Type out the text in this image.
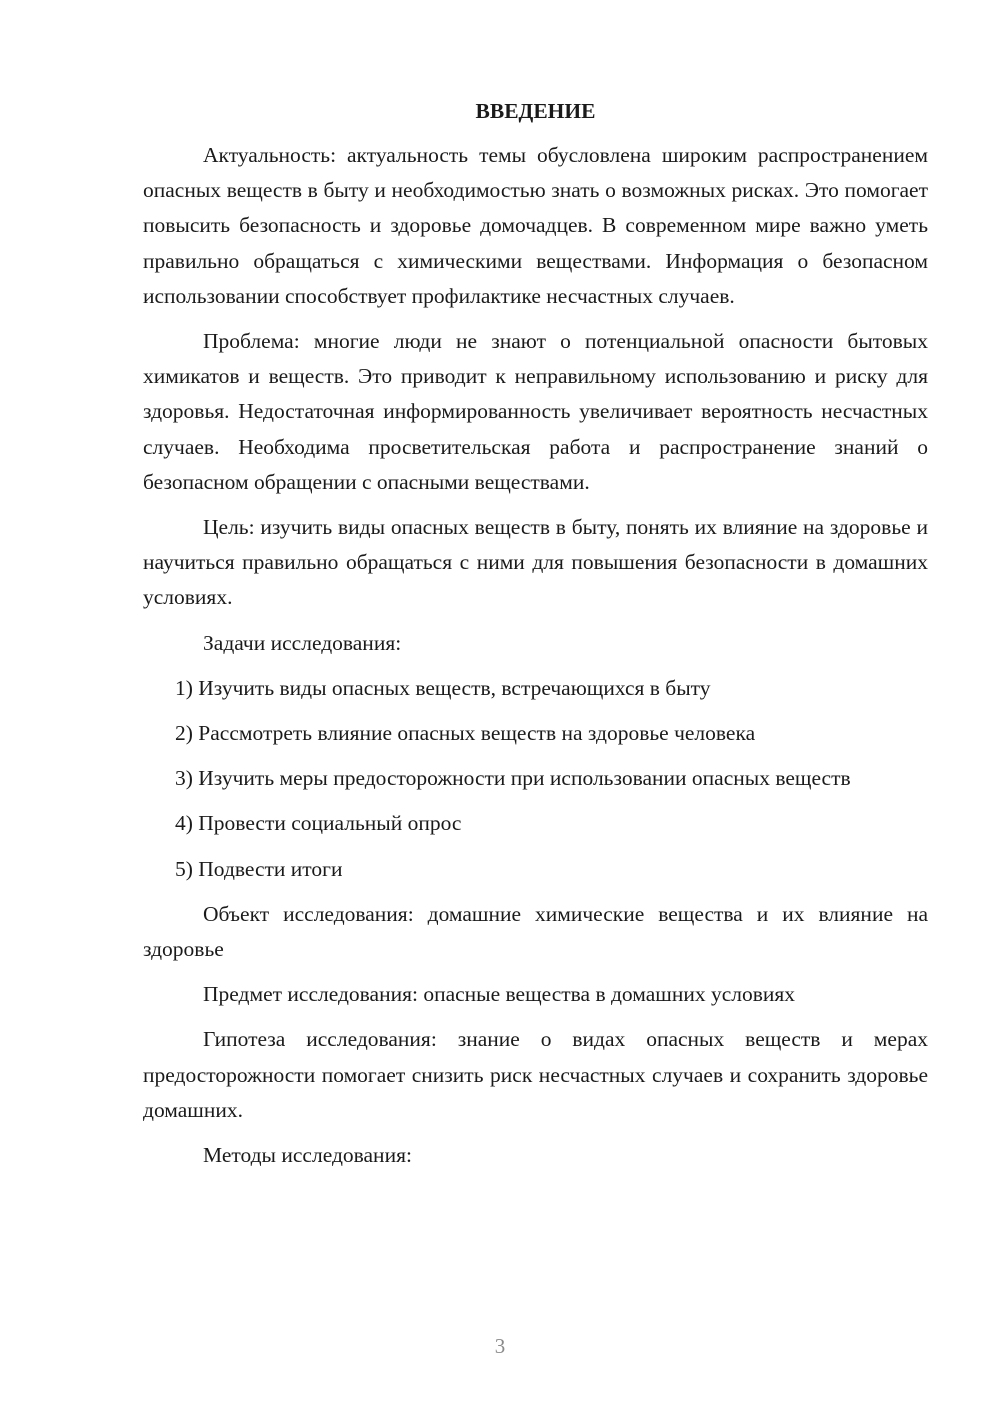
ВВЕДЕНИЕ

Актуальность: актуальность темы обусловлена широким распространением опасных веществ в быту и необходимостью знать о возможных рисках. Это помогает повысить безопасность и здоровье домочадцев. В современном мире важно уметь правильно обращаться с химическими веществами. Информация о безопасном использовании способствует профилактике несчастных случаев.

Проблема: многие люди не знают о потенциальной опасности бытовых химикатов и веществ. Это приводит к неправильному использованию и риску для здоровья. Недостаточная информированность увеличивает вероятность несчастных случаев. Необходима просветительская работа и распространение знаний о безопасном обращении с опасными веществами.

Цель: изучить виды опасных веществ в быту, понять их влияние на здоровье и научиться правильно обращаться с ними для повышения безопасности в домашних условиях.

Задачи исследования:

1) Изучить виды опасных веществ, встречающихся в быту

2) Рассмотреть влияние опасных веществ на здоровье человека

3) Изучить меры предосторожности при использовании опасных веществ

4) Провести социальный опрос

5) Подвести итоги

Объект исследования: домашние химические вещества и их влияние на здоровье

Предмет исследования: опасные вещества в домашних условиях

Гипотеза исследования: знание о видах опасных веществ и мерах предосторожности помогает снизить риск несчастных случаев и сохранить здоровье домашних.

Методы исследования:

3
